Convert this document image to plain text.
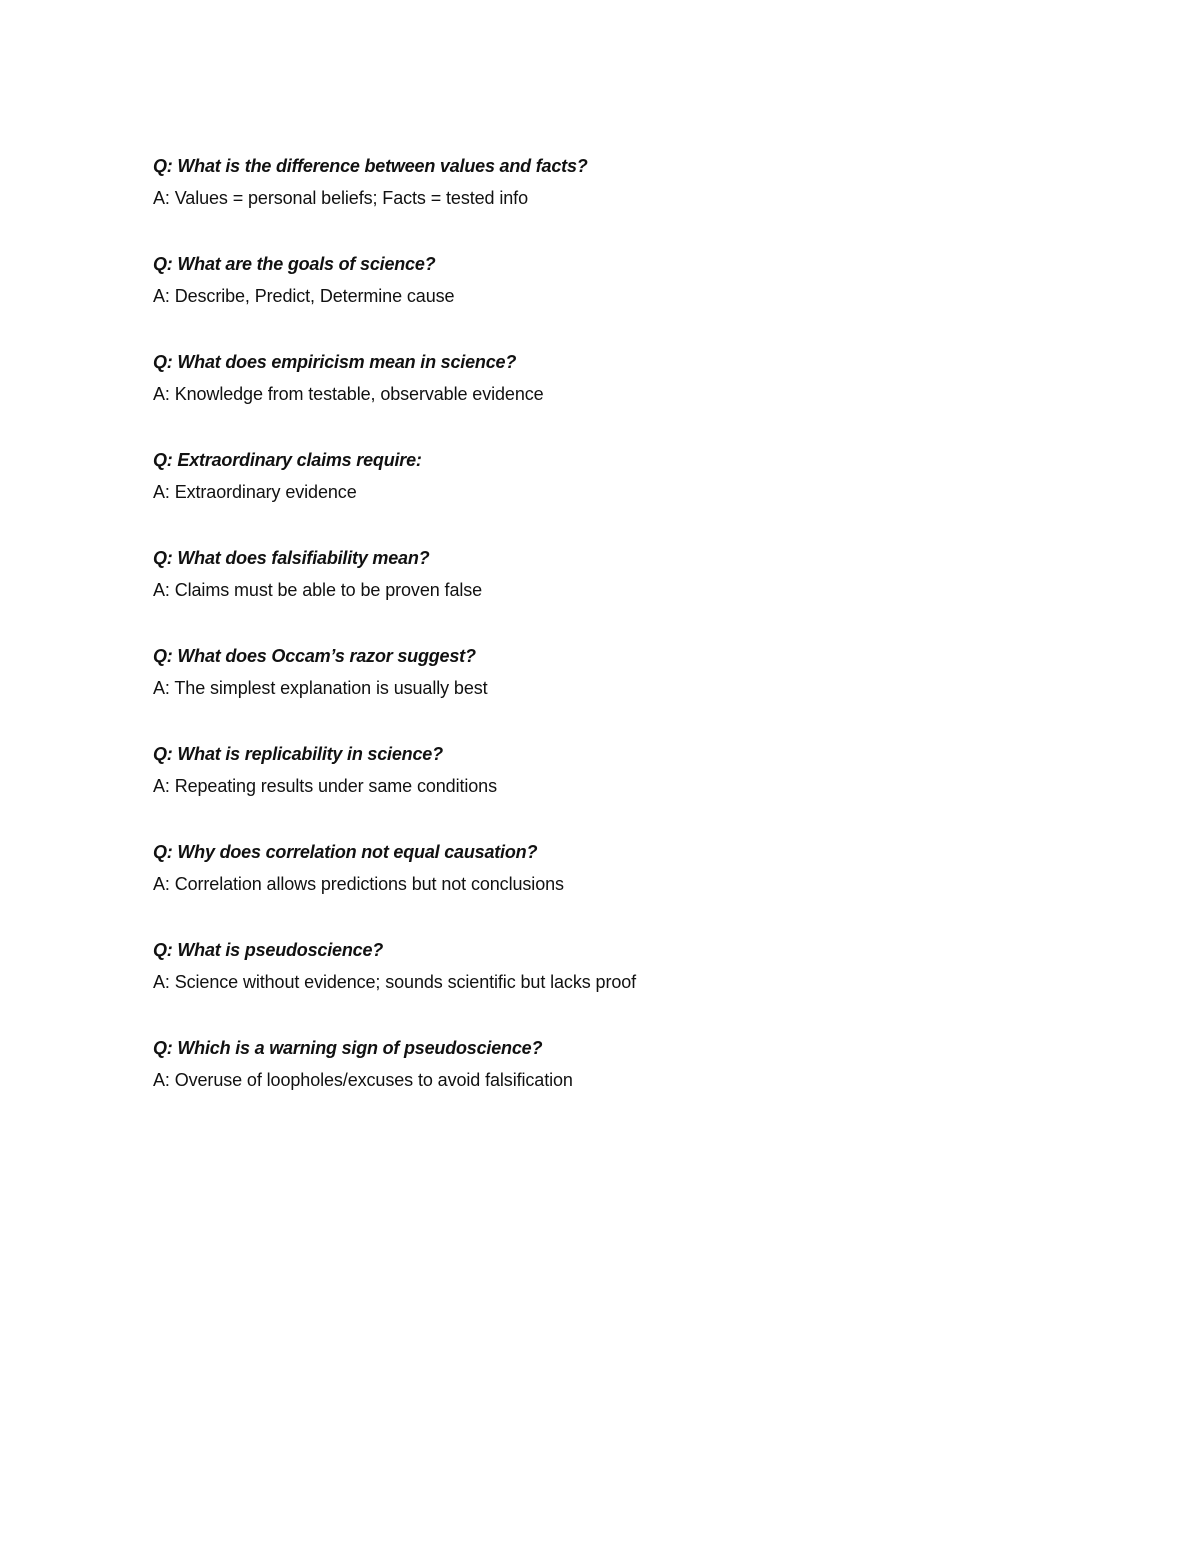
Q: What is the difference between values and facts?
A: Values = personal beliefs; Facts = tested info
Q: What are the goals of science?
A: Describe, Predict, Determine cause
Q: What does empiricism mean in science?
A: Knowledge from testable, observable evidence
Q: Extraordinary claims require:
A: Extraordinary evidence
Q: What does falsifiability mean?
A: Claims must be able to be proven false
Q: What does Occam’s razor suggest?
A: The simplest explanation is usually best
Q: What is replicability in science?
A: Repeating results under same conditions
Q: Why does correlation not equal causation?
A: Correlation allows predictions but not conclusions
Q: What is pseudoscience?
A: Science without evidence; sounds scientific but lacks proof
Q: Which is a warning sign of pseudoscience?
A: Overuse of loopholes/excuses to avoid falsification
